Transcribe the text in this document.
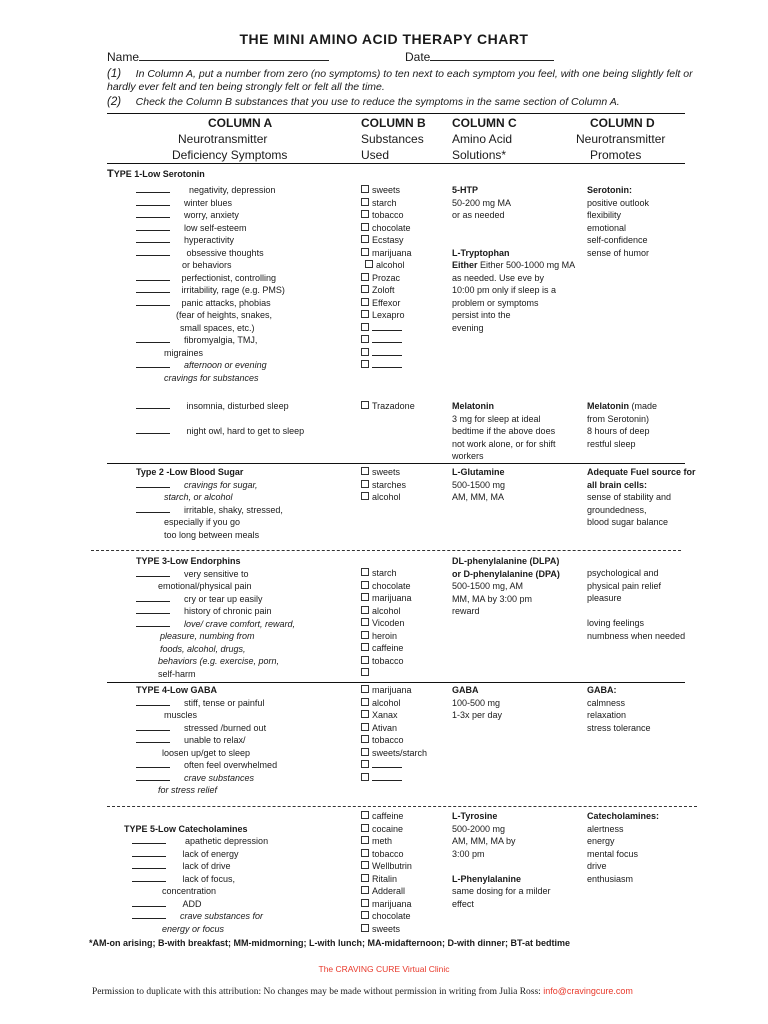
THE MINI AMINO ACID THERAPY CHART
Name	Date
(1) In Column A, put a number from zero (no symptoms) to ten next to each symptom you feel, with one being slightly felt or
hardly ever felt and ten being strongly felt or felt all the time.
(2) Check the Column B substances that you use to reduce the symptoms in the same section of Column A.
COLUMN A
Neurotransmitter
Deficiency Symptoms
COLUMN B
Substances
Used
COLUMN C
Amino Acid
Solutions*
COLUMN D
Neurotransmitter
Promotes
TYPE 1-Low Serotonin
negativity, depression
winter blues
worry, anxiety
low self-esteem
hyperactivity
obsessive thoughts
or behaviors
perfectionist, controlling
irritability, rage (e.g. PMS)
panic attacks, phobias
(fear of heights, snakes,
small spaces, etc.)
fibromyalgia, TMJ,
migraines
afternoon or evening
cravings for substances
sweets
starch
tobacco
chocolate
Ecstasy
marijuana
alcohol
Prozac
Zoloft
Effexor
Lexapro
5-HTP
50-200 mg MA
or as needed
L-Tryptophan
Either Either 500-1000 mg MA
as needed. Use eve by
10:00 pm only if sleep is a
problem or symptoms
persist into the
evening
Serotonin:
positive outlook
flexibility
emotional
self-confidence
sense of humor
insomnia, disturbed sleep
night owl, hard to get to sleep
Trazadone	Melatonin
3 mg for sleep at ideal
bedtime if the above does
not work alone, or for shift
workers
Melatonin (made
from Serotonin)
8 hours of deep
restful sleep
Type 2 -Low Blood Sugar
cravings for sugar,
starch, or alcohol
irritable, shaky, stressed,
especially if you go
too long between meals
sweets
starches
alcohol
L-Glutamine
500-1500 mg
AM, MM, MA
Adequate Fuel source for
all brain cells:
sense of stability and
groundedness,
blood sugar balance
TYPE 3-Low Endorphins
very sensitive to
emotional/physical pain
cry or tear up easily
history of chronic pain
love/ crave comfort, reward,
pleasure, numbing from
foods, alcohol, drugs,
behaviors (e.g. exercise, porn,
self-harm
starch
chocolate
marijuana
alcohol
Vicoden
heroin
caffeine
tobacco
DL-phenylalanine (DLPA)
or D-phenylalanine (DPA)
500-1500 mg, AM
MM, MA by 3:00 pm
reward
psychological and
physical pain relief
pleasure
loving feelings
numbness when needed
TYPE 4-Low GABA
stiff, tense or painful
muscles
stressed /burned out
unable to relax/
loosen up/get to sleep
often feel overwhelmed
crave substances
for stress relief
marijuana
alcohol
Xanax
Ativan
tobacco
sweets/starch
GABA
100-500 mg
1-3x per day
GABA:
calmness
relaxation
stress tolerance
TYPE 5-Low Catecholamines
apathetic depression
lack of energy
lack of drive
lack of focus,
concentration
ADD
crave substances for
energy or focus
caffeine
cocaine
meth
tobacco
Wellbutrin
Ritalin
Adderall
marijuana
chocolate
sweets
L-Tyrosine
500-2000 mg
AM, MM, MA by
3:00 pm
L-Phenylalanine
same dosing for a milder
effect
Catecholamines:
alertness
energy
mental focus
drive
enthusiasm
*AM-on arising; B-with breakfast; MM-midmorning; L-with lunch; MA-midafternoon; D-with dinner; BT-at bedtime
The CRAVING CURE Virtual Clinic
Permission to duplicate with this attribution: No changes may be made without permission in writing from Julia Ross: info@cravingcure.com
